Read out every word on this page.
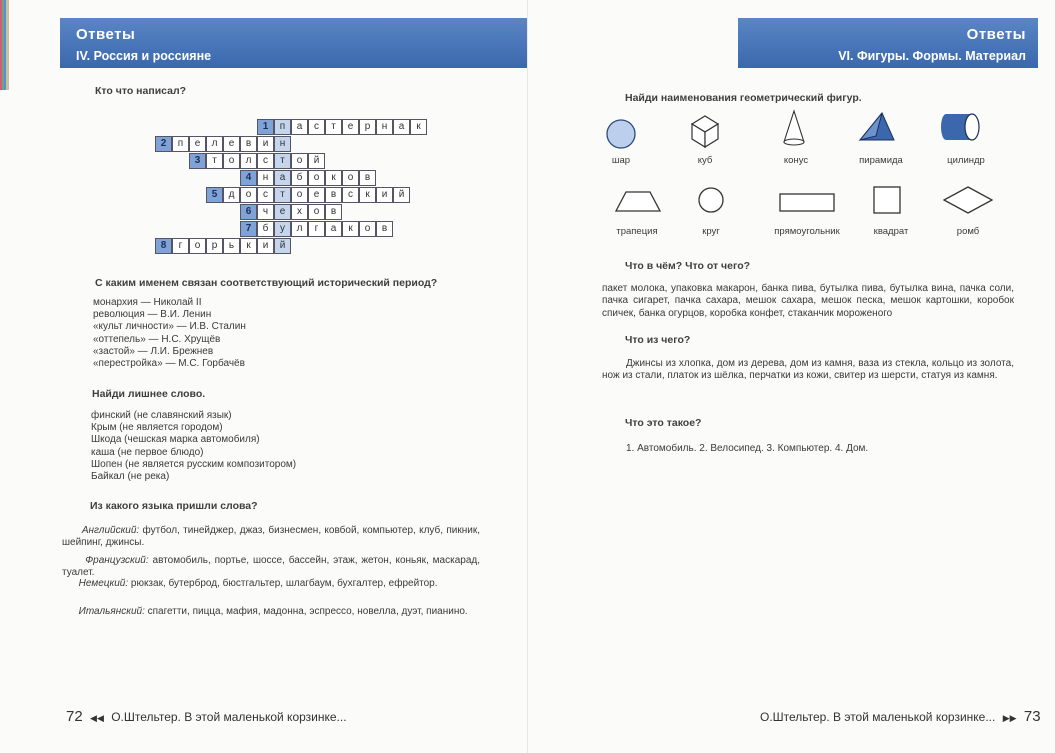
Ответы
IV. Россия и россияне
Кто что написал?
1	п	а	с	т	е	р	н	а	к
2	п	е	л	е	в	и	н
3	т	о	л	с	т	о	й
4	н	а	б	о	к	о	в
5	д	о	с	т	о	е	в	с	к	и	й
6	ч	е	х	о	в
7	б	у	л	г	а	к	о	в
8	г	о	р	ь	к	и	й
С каким именем связан соответствующий исторический период?
монархия — Николай II
революция — В.И. Ленин
«культ личности» — И.В. Сталин
«оттепель» — Н.С. Хрущёв
«застой» — Л.И. Брежнев
«перестройка» — М.С. Горбачёв
Найди лишнее слово.
финский (не славянский язык)
Крым (не является городом)
Шкода (чешская марка автомобиля)
каша (не первое блюдо)
Шопен (не является русским композитором)
Байкал (не река)
Из какого языка пришли слова?
Английский: футбол, тинейджер, джаз, бизнесмен, ковбой, компьютер, клуб, пикник, шейпинг, джинсы.
Французский: автомобиль, портье, шоссе, бассейн, этаж, жетон, коньяк, маскарад, туалет.
Немецкий: рюкзак, бутерброд, бюстгальтер, шлагбаум, бухгалтер, ефрейтор.
Итальянский: спагетти, пицца, мафия, мадонна, эспрессо, новелла, дуэт, пианино.
72 ◀◀ О.Штельтер. В этой маленькой корзинке...
Ответы
VI. Фигуры. Формы. Материал
Найди наименования геометрический фигур.
шар	куб	конус	пирамида	цилиндр
трапеция	круг	прямоугольник	квадрат	ромб
Что в чём? Что от чего?
пакет молока, упаковка макарон, банка пива, бутылка пива, бутылка вина, пачка соли, пачка сигарет, пачка сахара, мешок сахара, мешок песка, мешок картошки, коробок спичек, банка огурцов, коробка конфет, стаканчик мороженого
Что из чего?
Джинсы из хлопка, дом из дерева, дом из камня, ваза из стекла, кольцо из золота, нож из стали, платок из шёлка, перчатки из кожи, свитер из шерсти, статуя из камня.
Что это такое?
1. Автомобиль. 2. Велосипед. 3. Компьютер. 4. Дом.
О.Штельтер. В этой маленькой корзинке... ▶▶ 73
